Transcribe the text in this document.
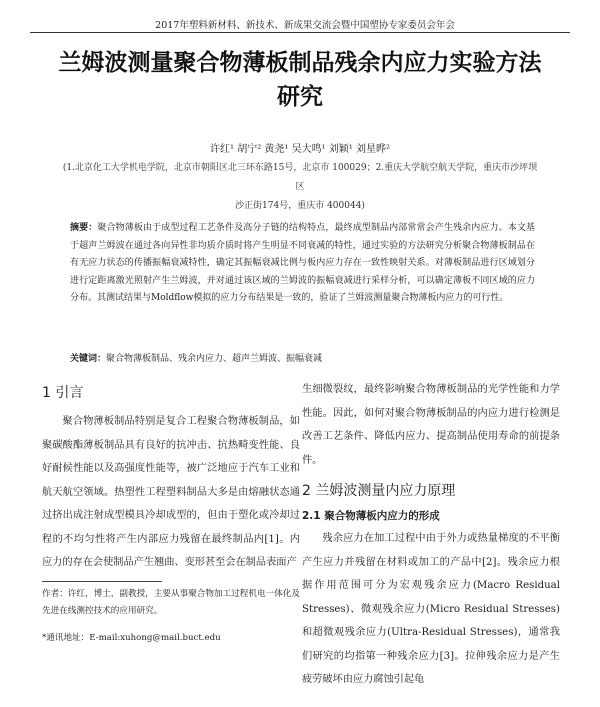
2017年塑料新材料、新技术、新成果交流会暨中国塑协专家委员会年会
兰姆波测量聚合物薄板制品残余内应力实验方法
研究
许红¹ 胡宁² 黄尧¹ 吴大鸣¹ 刘颖¹ 刘星晔²
(1.北京化工大学机电学院，北京市朝阳区北三环东路15号，北京市 100029；2.重庆大学航空航天学院，重庆市沙坪坝区
沙正街174号，重庆市 400044)
摘要：聚合物薄板由于成型过程工艺条件及高分子链的结构特点，最终成型制品内部常常会产生残余内应力。本文基于超声兰姆波在通过各向异性非均质介质时将产生明显不同衰减的特性，通过实验的方法研究分析聚合物薄板制品在有无应力状态的传播振幅衰减特性，确定其振幅衰减比例与板内应力存在一致性映射关系。对薄板制品进行区域划分进行定距离激光照射产生兰姆波，并对通过该区域的兰姆波的振幅衰减进行采样分析，可以确定薄板不同区域的应力分布。其测试结果与Moldflow模拟的应力分布结果是一致的，验证了兰姆波测量聚合物薄板内应力的可行性。
关键词：聚合物薄板制品、残余内应力、超声兰姆波、振幅衰减
1 引言

聚合物薄板制品特别是复合工程聚合物薄板制品，如聚碳酸酯薄板制品具有良好的抗冲击、抗热畸变性能、良好耐候性能以及高强度性能等，被广泛地应于汽车工业和航天航空领域。热塑性工程塑料制品大多是由熔融状态通过挤出成注射成型模具冷却成型的，但由于塑化或冷却过程的不均匀性将产生内部应力残留在最终制品内[1]。内应力的存在会使制品产生翘曲、变形甚至会在制品表面产

作者：许红，博士，副教授，主要从事聚合物加工过程机电一体化及先进在线测控技术的应用研究。

*通讯地址：E-mail:xuhong@mail.buct.edu

生细微裂纹，最终影响聚合物薄板制品的光学性能和力学性能。因此，如何对聚合物薄板制品的内应力进行检测是改善工艺条件、降低内应力、提高制品使用寿命的前提条件。

2 兰姆波测量内应力原理
2.1 聚合物薄板内应力的形成

残余应力在加工过程中由于外力或热量梯度的不平衡产生应力并残留在材料或加工的产品中[2]。残余应力根据作用范围可分为宏观残余应力(Macro Residual Stresses)、微观残余应力(Micro Residual Stresses)和超微观残余应力(Ultra-Residual Stresses)，通常我们研究的均指第一种残余应力[3]。拉伸残余应力是产生疲劳破坏由应力腐蚀引起龟
